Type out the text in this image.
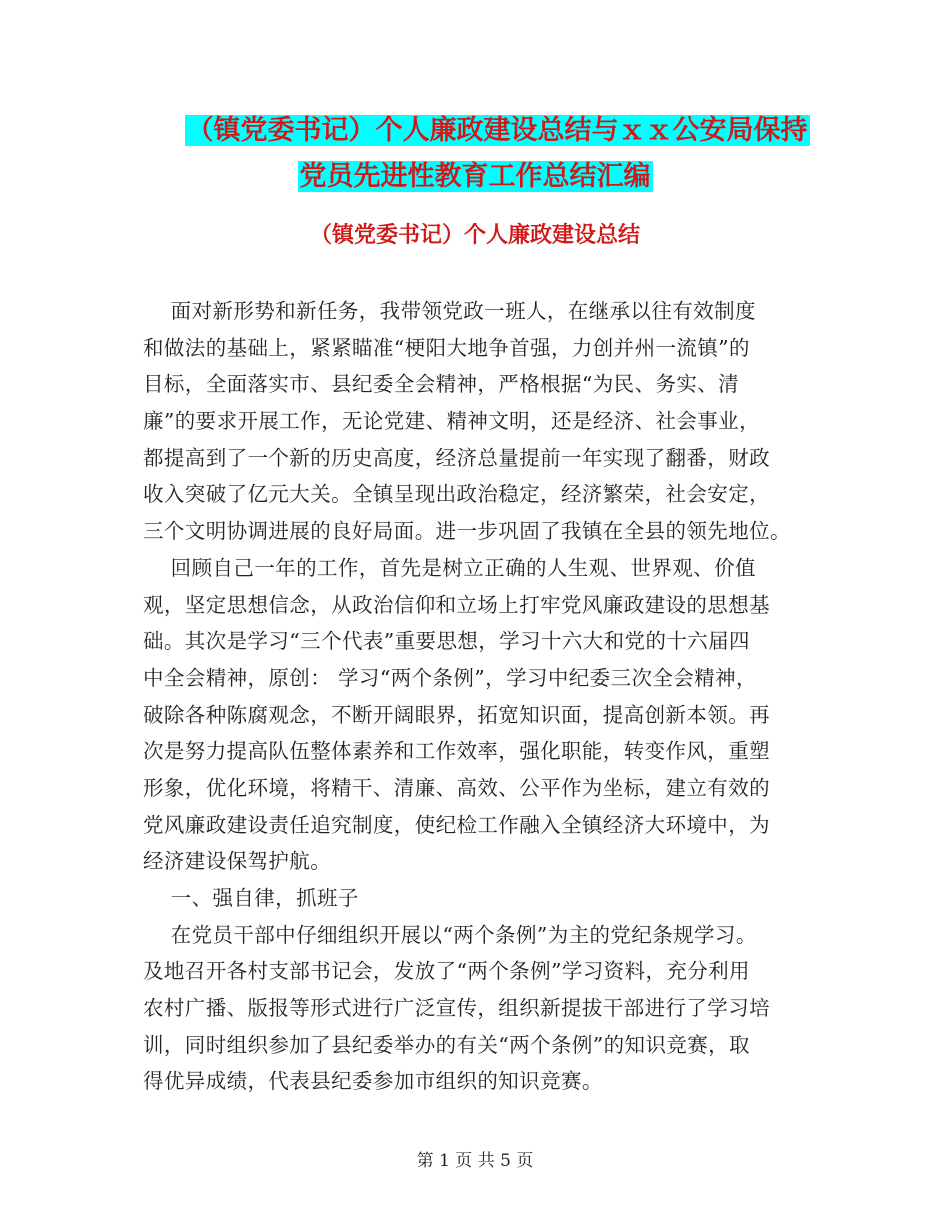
（镇党委书记）个人廉政建设总结与ｘｘ公安局保持
党员先进性教育工作总结汇编
（镇党委书记）个人廉政建设总结
面对新形势和新任务，我带领党政一班人，在继承以往有效制度
和做法的基础上，紧紧瞄准“梗阳大地争首强，力创并州一流镇”的
目标，全面落实市、县纪委全会精神，严格根据“为民、务实、清
廉”的要求开展工作，无论党建、精神文明，还是经济、社会事业，
都提高到了一个新的历史高度，经济总量提前一年实现了翻番，财政
收入突破了亿元大关。全镇呈现出政治稳定，经济繁荣，社会安定，
三个文明协调进展的良好局面。进一步巩固了我镇在全县的领先地位。
回顾自己一年的工作，首先是树立正确的人生观、世界观、价值
观，坚定思想信念，从政治信仰和立场上打牢党风廉政建设的思想基
础。其次是学习“三个代表”重要思想，学习十六大和党的十六届四
中全会精神，原创： 学习“两个条例”，学习中纪委三次全会精神，
破除各种陈腐观念，不断开阔眼界，拓宽知识面，提高创新本领。再
次是努力提高队伍整体素养和工作效率，强化职能，转变作风，重塑
形象，优化环境，将精干、清廉、高效、公平作为坐标，建立有效的
党风廉政建设责任追究制度，使纪检工作融入全镇经济大环境中，为
经济建设保驾护航。
一、强自律，抓班子
在党员干部中仔细组织开展以“两个条例”为主的党纪条规学习。
及地召开各村支部书记会，发放了“两个条例”学习资料，充分利用
农村广播、版报等形式进行广泛宣传，组织新提拔干部进行了学习培
训，同时组织参加了县纪委举办的有关“两个条例”的知识竞赛，取
得优异成绩，代表县纪委参加市组织的知识竞赛。
第 1 页 共 5 页
